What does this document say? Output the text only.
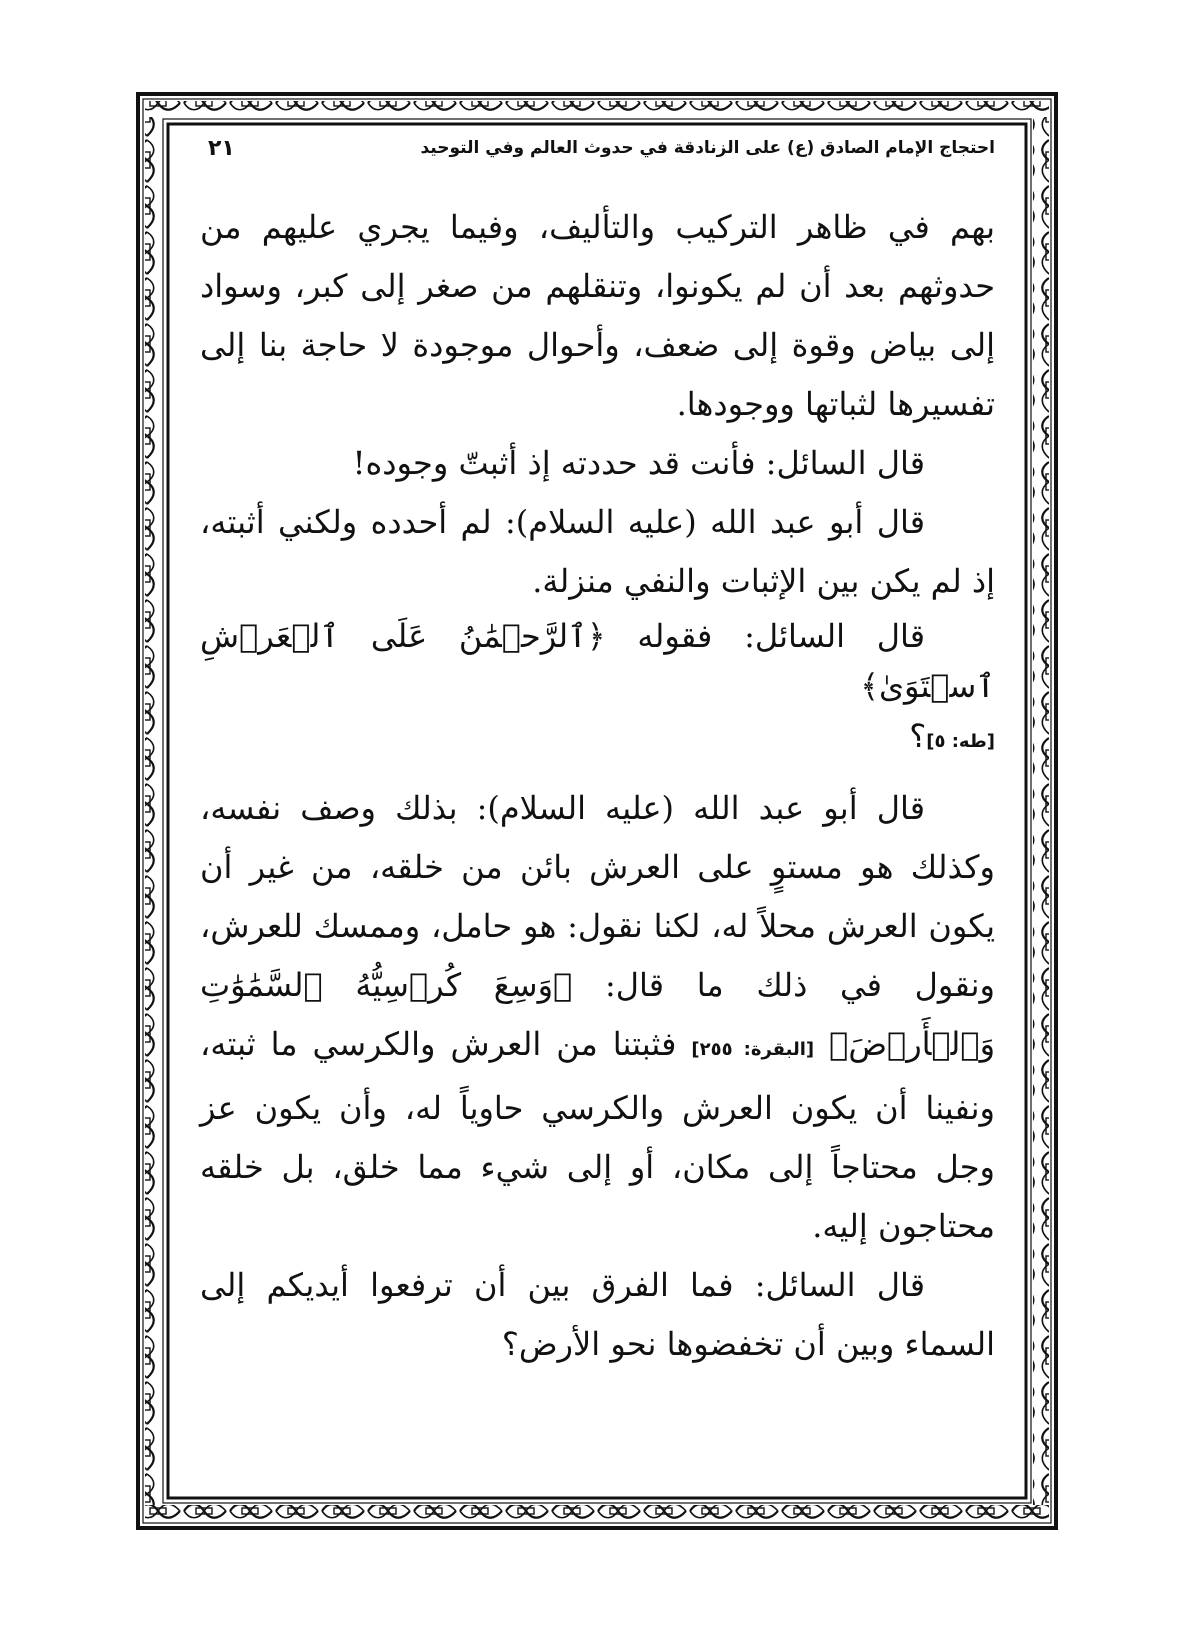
احتجاج الإمام الصادق (ع) على الزنادقة في حدوث العالم وفي التوحيد
٢١

بهم في ظاهر التركيب والتأليف، وفيما يجري عليهم من حدوثهم بعد أن لم يكونوا، وتنقلهم من صغر إلى كبر، وسواد إلى بياض وقوة إلى ضعف، وأحوال موجودة لا حاجة بنا إلى تفسيرها لثباتها ووجودها.

قال السائل: فأنت قد حددته إذ أثبتّ وجوده!

قال أبو عبد الله (عليه السلام): لم أحدده ولكني أثبته، إذ لم يكن بين الإثبات والنفي منزلة.

قال السائل: فقوله ﴿ٱلرَّحۡمَٰنُ عَلَى ٱلۡعَرۡشِ ٱسۡتَوَىٰ﴾
[طه: ٥]؟

قال أبو عبد الله (عليه السلام): بذلك وصف نفسه، وكذلك هو مستوٍ على العرش بائن من خلقه، من غير أن يكون العرش محلاً له، لكنا نقول: هو حامل، وممسك للعرش، ونقول في ذلك ما قال: ﴿وَسِعَ كُرۡسِيُّهُ ٱلسَّمَٰوَٰتِ وَٱلۡأَرۡضَ﴾ [البقرة: ٢٥٥] فثبتنا من العرش والكرسي ما ثبته، ونفينا أن يكون العرش والكرسي حاوياً له، وأن يكون عز وجل محتاجاً إلى مكان، أو إلى شيء مما خلق، بل خلقه محتاجون إليه.

قال السائل: فما الفرق بين أن ترفعوا أيديكم إلى السماء وبين أن تخفضوها نحو الأرض؟
